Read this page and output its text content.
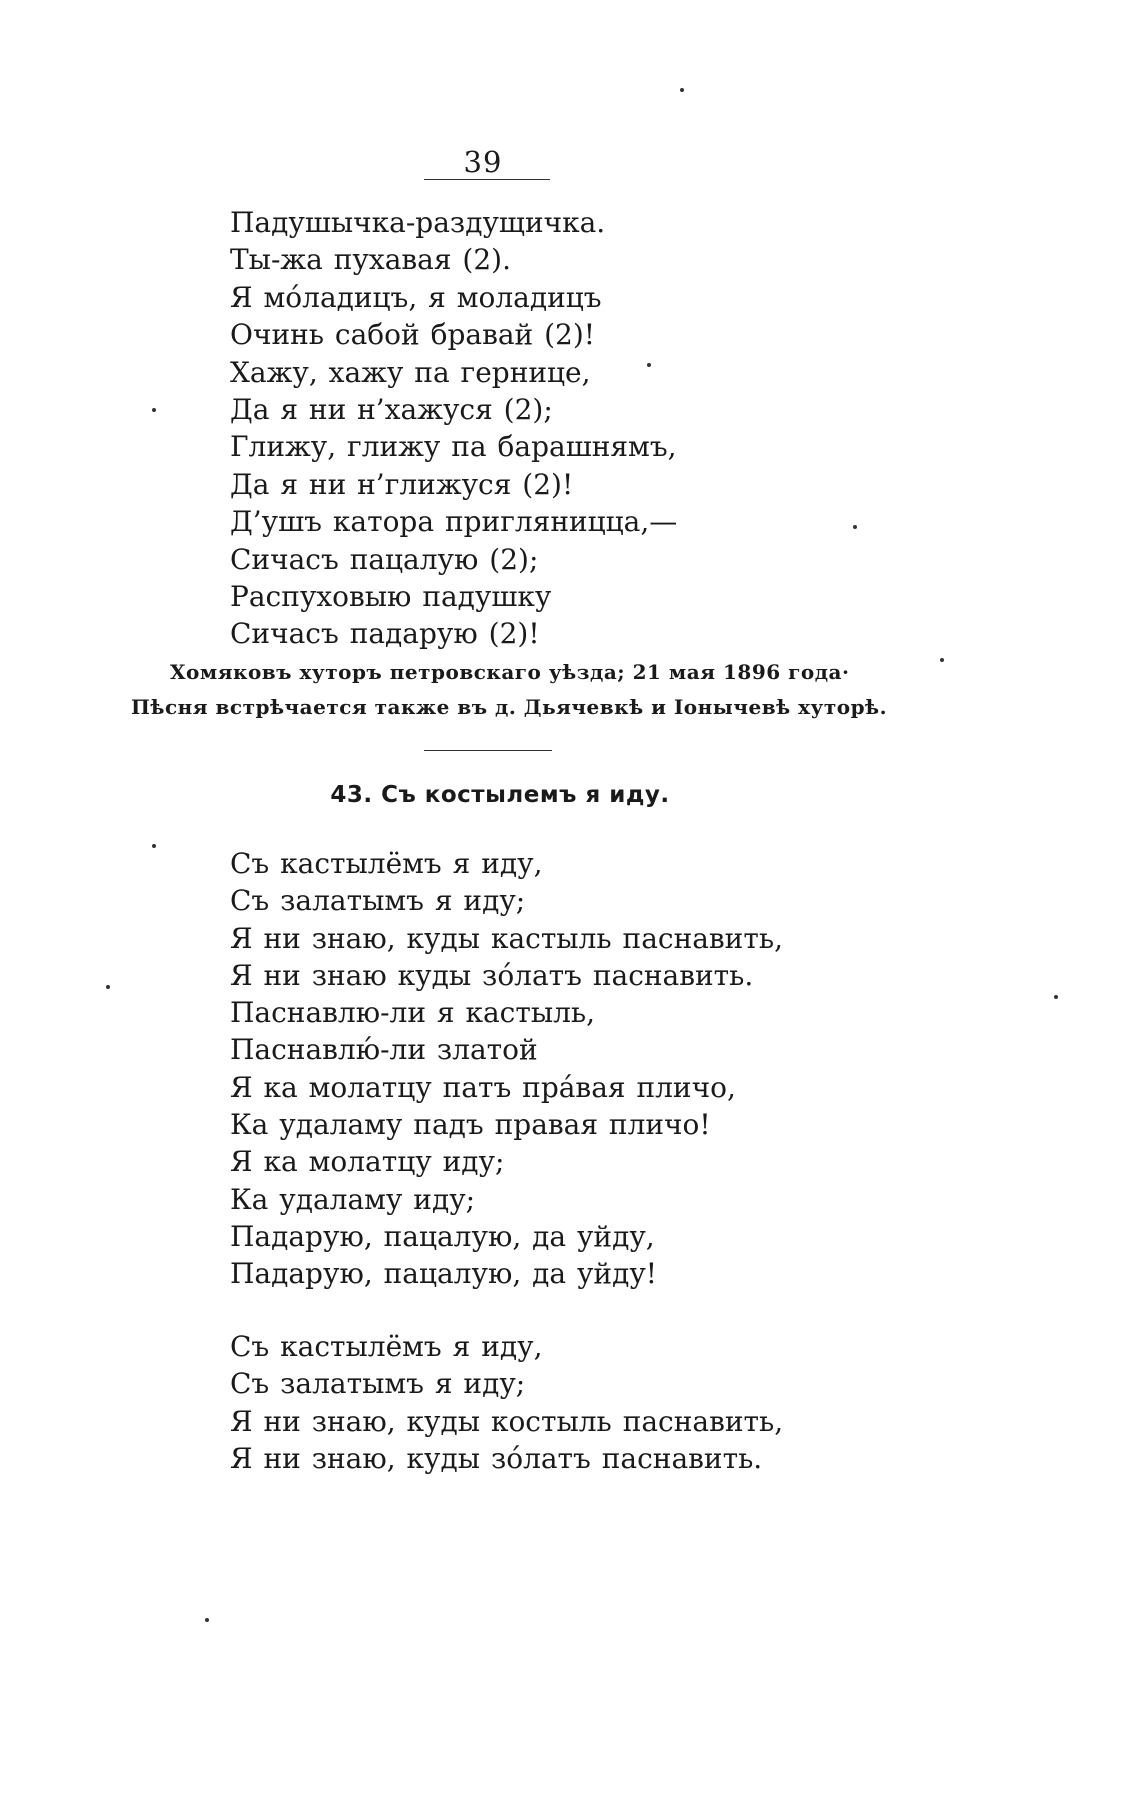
39
Падушычка-раздущичка.
Ты-жа пухавая (2).
Я мо́ладицъ, я моладицъ
Очинь сабой бравай (2)!
Хажу, хажу па гернице,
Да я ни н’хажуся (2);
Глижу, глижу па барашнямъ,
Да я ни н’глижуся (2)!
Д’ушъ катора пригляницца,—
Сичасъ пацалую (2);
Распуховыю падушку
Сичасъ падарую (2)!

Хомяковъ хуторъ петровскаго уѣзда; 21 мая 1896 года·

Пѣсня встрѣчается также въ д. Дьячевкѣ и Іонычевѣ хуторѣ.

43. Съ костылемъ я иду.
Съ кастылёмъ я иду,
Съ залатымъ я иду;
Я ни знаю, куды кастыль паснавить,
Я ни знаю куды зо́латъ паснавить.
Паснавлю-ли я кастыль,
Паснавлю́-ли златой
Я ка молатцу патъ пра́вая пличо,
Ка удаламу падъ правая пличо!
Я ка молатцу иду;
Ка удаламу иду;
Падарую, пацалую, да уйду,
Падарую, пацалую, да уйду!
Съ кастылёмъ я иду,
Съ залатымъ я иду;
Я ни знаю, куды костыль паснавить,
Я ни знаю, куды зо́латъ паснавить.
